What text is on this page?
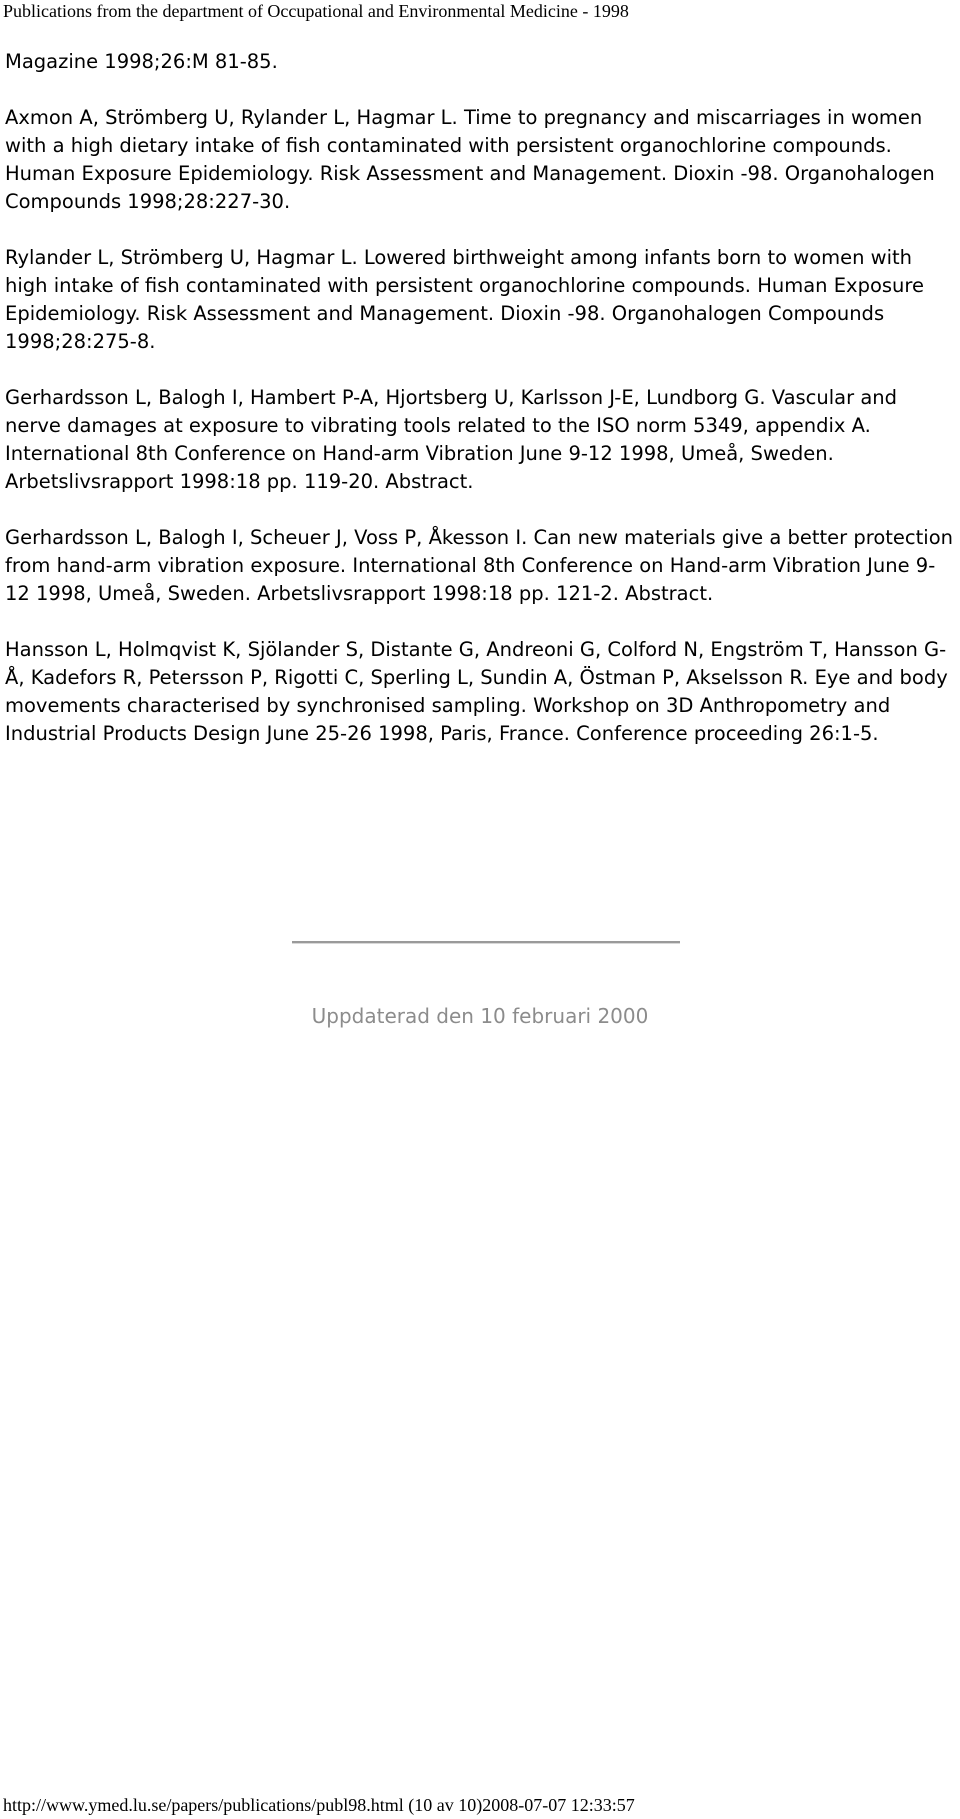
Publications from the department of Occupational and Environmental Medicine - 1998

Magazine 1998;26:M 81-85.

Axmon A, Strömberg U, Rylander L, Hagmar L. Time to pregnancy and miscarriages in women with a high dietary intake of fish contaminated with persistent organochlorine compounds. Human Exposure Epidemiology. Risk Assessment and Management. Dioxin -98. Organohalogen Compounds 1998;28:227-30.

Rylander L, Strömberg U, Hagmar L. Lowered birthweight among infants born to women with high intake of fish contaminated with persistent organochlorine compounds. Human Exposure Epidemiology. Risk Assessment and Management. Dioxin -98. Organohalogen Compounds 1998;28:275-8.

Gerhardsson L, Balogh I, Hambert P-A, Hjortsberg U, Karlsson J-E, Lundborg G. Vascular and nerve damages at exposure to vibrating tools related to the ISO norm 5349, appendix A. International 8th Conference on Hand-arm Vibration June 9-12 1998, Umeå, Sweden. Arbetslivsrapport 1998:18 pp. 119-20. Abstract.

Gerhardsson L, Balogh I, Scheuer J, Voss P, Åkesson I. Can new materials give a better protection from hand-arm vibration exposure. International 8th Conference on Hand-arm Vibration June 9-12 1998, Umeå, Sweden. Arbetslivsrapport 1998:18 pp. 121-2. Abstract.

Hansson L, Holmqvist K, Sjölander S, Distante G, Andreoni G, Colford N, Engström T, Hansson G-Å, Kadefors R, Petersson P, Rigotti C, Sperling L, Sundin A, Östman P, Akselsson R. Eye and body movements characterised by synchronised sampling. Workshop on 3D Anthropometry and Industrial Products Design June 25-26 1998, Paris, France. Conference proceeding 26:1-5.

Uppdaterad den 10 februari 2000
http://www.ymed.lu.se/papers/publications/publ98.html (10 av 10)2008-07-07 12:33:57
